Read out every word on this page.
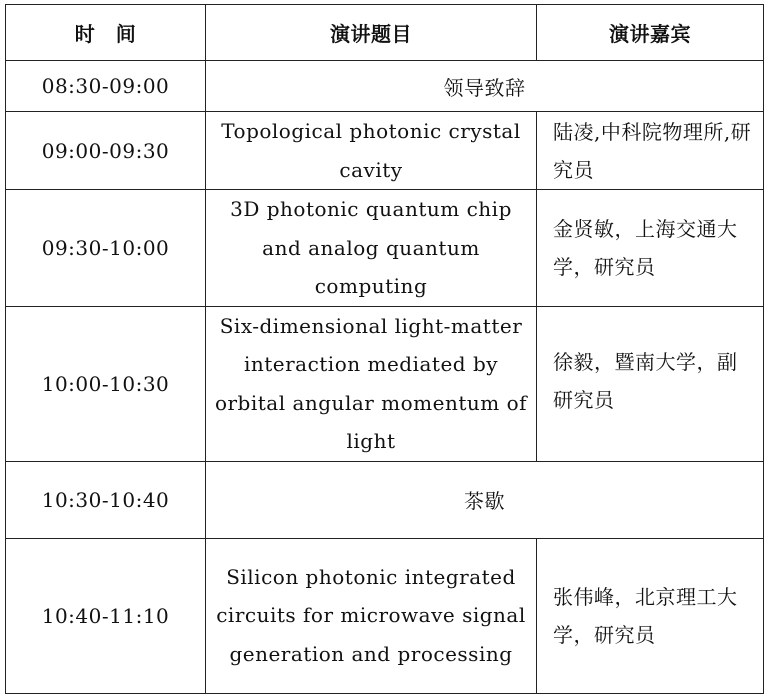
时　间	演讲题目	演讲嘉宾
08:30-09:00	领导致辞	
09:00-09:30	Topological photonic crystal cavity	陆凌,中科院物理所,研究员
09:30-10:00	3D photonic quantum chip and analog quantum computing	金贤敏，上海交通大学，研究员
10:00-10:30	Six-dimensional light-matter interaction mediated by orbital angular momentum of light	徐毅，暨南大学，副研究员
10:30-10:40	茶歇	
10:40-11:10	Silicon photonic integrated circuits for microwave signal generation and processing	张伟峰，北京理工大学，研究员
